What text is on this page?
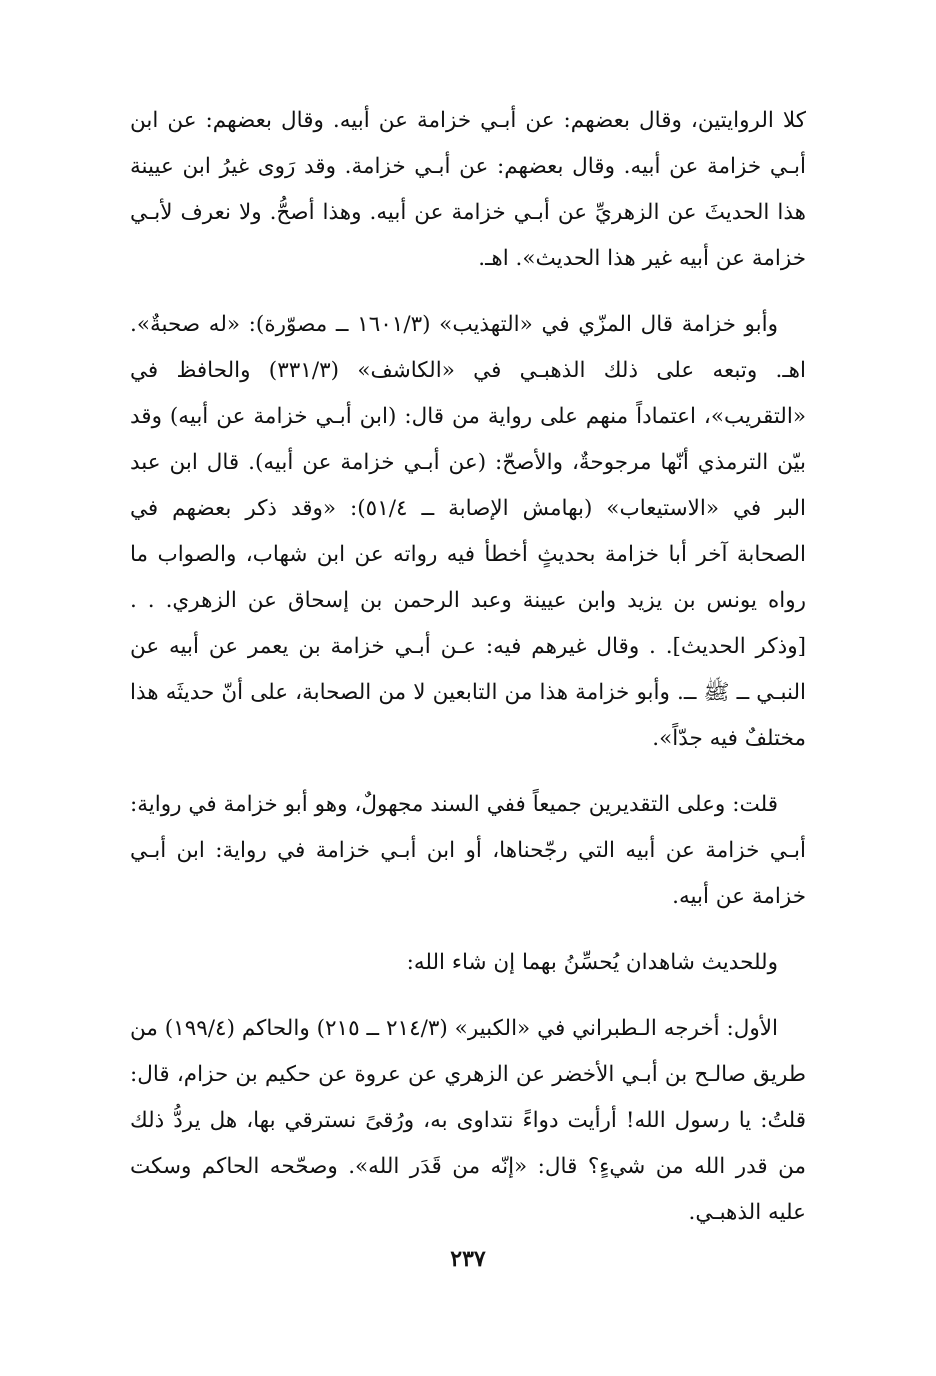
كلا الروايتين، وقال بعضهم: عن أبـي خزامة عن أبيه. وقال بعضهم: عن ابن أبـي خزامة عن أبيه. وقال بعضهم: عن أبـي خزامة. وقد رَوى غيرُ ابن عيينة هذا الحديثَ عن الزهريِّ عن أبـي خزامة عن أبيه. وهذا أصحُّ. ولا نعرف لأبـي خزامة عن أبيه غير هذا الحديث». اهـ.

وأبو خزامة قال المزّي في «التهذيب» (١٦٠١/٣ ــ مصوّرة): «له صحبةٌ». اهـ. وتبعه على ذلك الذهبـي في «الكاشف» (٣٣١/٣) والحافظ في «التقريب»، اعتماداً منهم على رواية من قال: (ابن أبـي خزامة عن أبيه) وقد بيّن الترمذي أنّها مرجوحةٌ، والأصحّ: (عن أبـي خزامة عن أبيه). قال ابن عبد البر في «الاستيعاب» (بهامش الإصابة ــ ٥١/٤): «وقد ذكر بعضهم في الصحابة آخر أبا خزامة بحديثٍ أخطأ فيه رواته عن ابن شهاب، والصواب ما رواه يونس بن يزيد وابن عيينة وعبد الرحمن بن إسحاق عن الزهري. . . [وذكر الحديث]. . وقال غيرهم فيه: عـن أبـي خزامة بن يعمر عن أبيه عن النبـي ــ ﷺ ــ. وأبو خزامة هذا من التابعين لا من الصحابة، على أنّ حديثَه هذا مختلفٌ فيه جدّاً».

قلت: وعلى التقديرين جميعاً ففي السند مجهولٌ، وهو أبو خزامة في رواية: أبـي خزامة عن أبيه التي رجّحناها، أو ابن أبـي خزامة في رواية: ابن أبـي خزامة عن أبيه.

وللحديث شاهدان يُحسِّنُ بهما إن شاء الله:

الأول: أخرجه الـطبراني في «الكبير» (٢١٤/٣ ــ ٢١٥) والحاكم (١٩٩/٤) من طريق صالـح بن أبـي الأخضر عن الزهري عن عروة عن حكيم بن حزام، قال: قلتُ: يا رسول الله! أرأيت دواءً نتداوى به، ورُقىً نسترقي بها، هل يردُّ ذلك من قدر الله من شيءٍ؟ قال: «إنّه من قَدَر الله». وصحّحه الحاكم وسكت عليه الذهبـي.

٢٣٧
